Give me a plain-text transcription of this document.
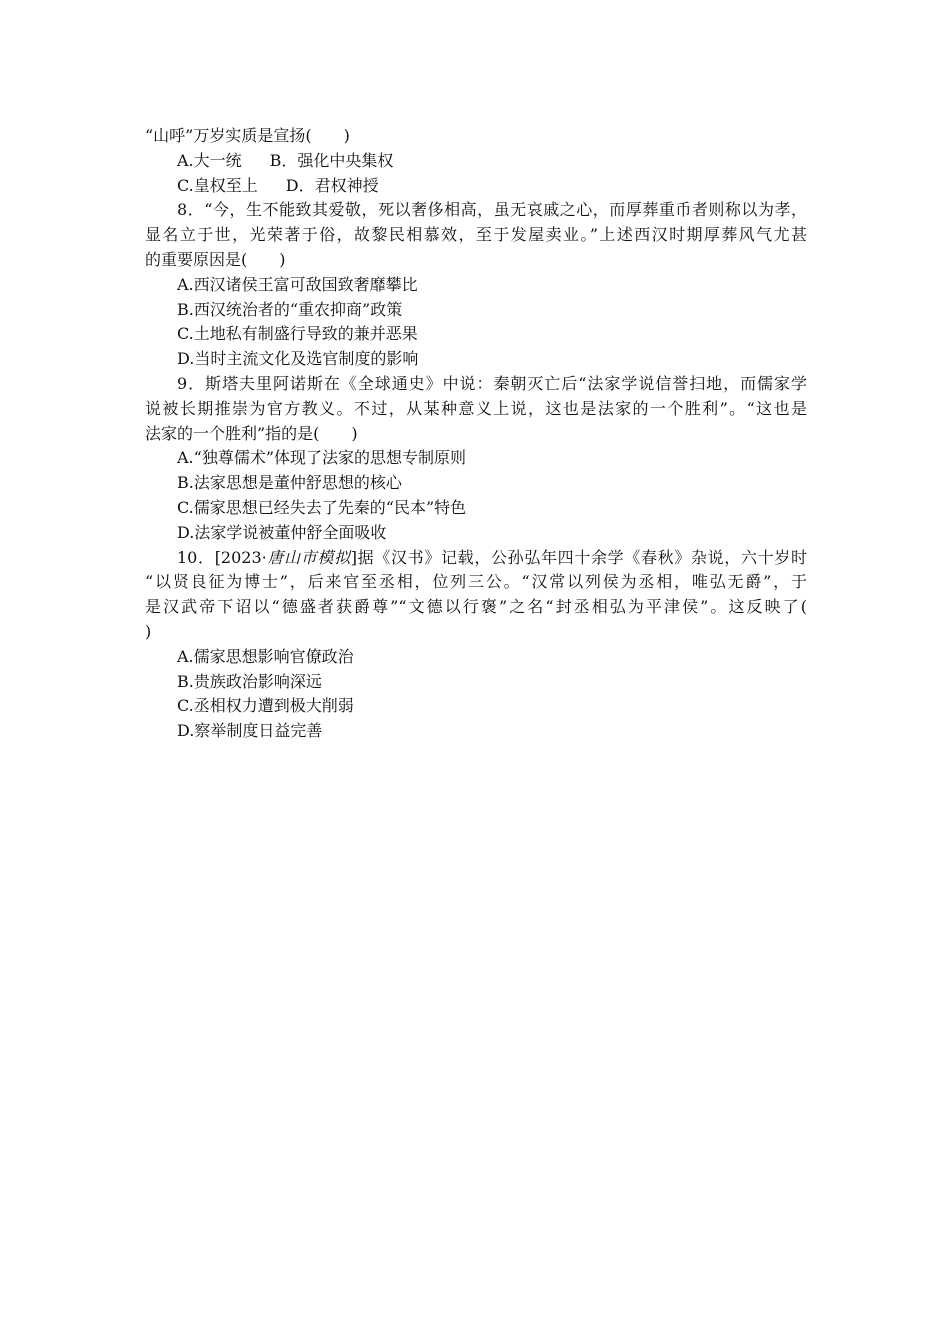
“山呼”万岁实质是宣扬(　　)
A.大一统 B．强化中央集权
C.皇权至上 D．君权神授
8．“今，生不能致其爱敬，死以奢侈相高，虽无哀戚之心，而厚葬重币者则称以为孝，
显名立于世，光荣著于俗，故黎民相慕效，至于发屋卖业。”上述西汉时期厚葬风气尤甚
的重要原因是(　　)
A.西汉诸侯王富可敌国致奢靡攀比
B.西汉统治者的“重农抑商”政策
C.土地私有制盛行导致的兼并恶果
D.当时主流文化及选官制度的影响
9．斯塔夫里阿诺斯在《全球通史》中说：秦朝灭亡后“法家学说信誉扫地，而儒家学
说被长期推崇为官方教义。不过，从某种意义上说，这也是法家的一个胜利”。“这也是
法家的一个胜利”指的是(　　)
A.“独尊儒术”体现了法家的思想专制原则
B.法家思想是董仲舒思想的核心
C.儒家思想已经失去了先秦的“民本”特色
D.法家学说被董仲舒全面吸收
10．[2023·唐山市模拟]据《汉书》记载，公孙弘年四十余学《春秋》杂说，六十岁时
“以贤良征为博士”，后来官至丞相，位列三公。“汉常以列侯为丞相，唯弘无爵”，于
是汉武帝下诏以“德盛者获爵尊”“文德以行褒”之名“封丞相弘为平津侯”。这反映了(
)
A.儒家思想影响官僚政治
B.贵族政治影响深远
C.丞相权力遭到极大削弱
D.察举制度日益完善
